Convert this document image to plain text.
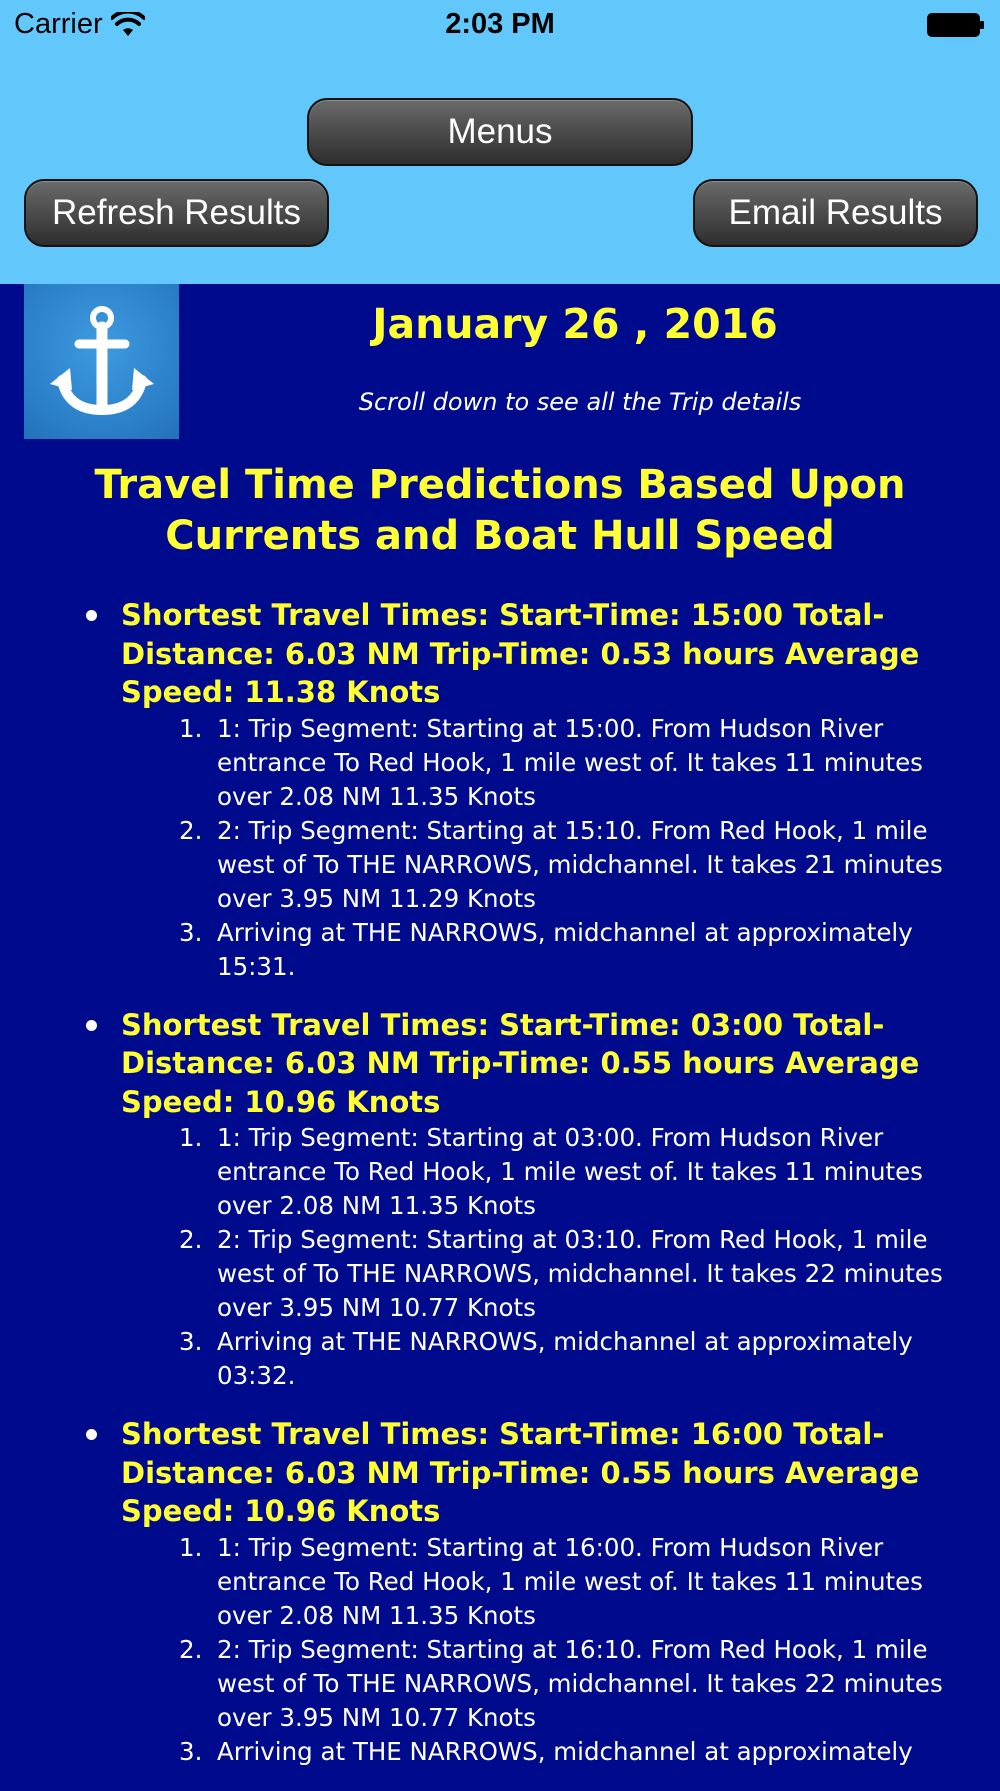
Carrier	2:03 PM
Menus
Refresh Results	Email Results
January 26 , 2016

Scroll down to see all the Trip details

Travel Time Predictions Based Upon Currents and Boat Hull Speed
Shortest Travel Times: Start-Time: 15:00 Total-Distance: 6.03 NM Trip-Time: 0.53 hours Average Speed: 11.38 Knots
1. 1: Trip Segment: Starting at 15:00. From Hudson River entrance To Red Hook, 1 mile west of. It takes 11 minutes over 2.08 NM 11.35 Knots
2. 2: Trip Segment: Starting at 15:10. From Red Hook, 1 mile west of To THE NARROWS, midchannel. It takes 21 minutes over 3.95 NM 11.29 Knots
3. Arriving at THE NARROWS, midchannel at approximately 15:31.
Shortest Travel Times: Start-Time: 03:00 Total-Distance: 6.03 NM Trip-Time: 0.55 hours Average Speed: 10.96 Knots
1. 1: Trip Segment: Starting at 03:00. From Hudson River entrance To Red Hook, 1 mile west of. It takes 11 minutes over 2.08 NM 11.35 Knots
2. 2: Trip Segment: Starting at 03:10. From Red Hook, 1 mile west of To THE NARROWS, midchannel. It takes 22 minutes over 3.95 NM 10.77 Knots
3. Arriving at THE NARROWS, midchannel at approximately 03:32.
Shortest Travel Times: Start-Time: 16:00 Total-Distance: 6.03 NM Trip-Time: 0.55 hours Average Speed: 10.96 Knots
1. 1: Trip Segment: Starting at 16:00. From Hudson River entrance To Red Hook, 1 mile west of. It takes 11 minutes over 2.08 NM 11.35 Knots
2. 2: Trip Segment: Starting at 16:10. From Red Hook, 1 mile west of To THE NARROWS, midchannel. It takes 22 minutes over 3.95 NM 10.77 Knots
3. Arriving at THE NARROWS, midchannel at approximately
